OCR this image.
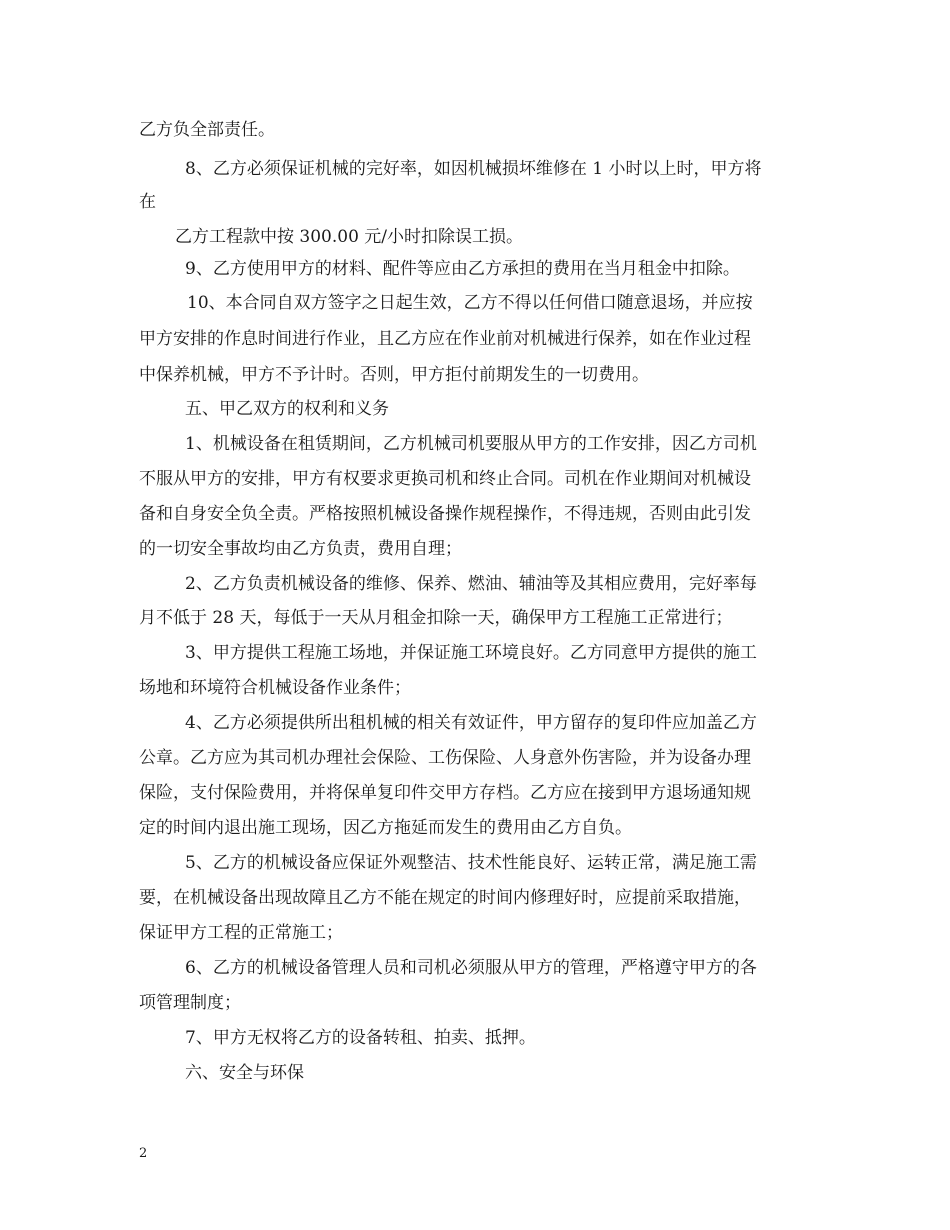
乙方负全部责任。
8、乙方必须保证机械的完好率，如因机械损坏维修在 1 小时以上时，甲方将
在
乙方工程款中按 300.00 元/小时扣除误工损。
9、乙方使用甲方的材料、配件等应由乙方承担的费用在当月租金中扣除。
10、本合同自双方签字之日起生效，乙方不得以任何借口随意退场，并应按
甲方安排的作息时间进行作业，且乙方应在作业前对机械进行保养，如在作业过程
中保养机械，甲方不予计时。否则，甲方拒付前期发生的一切费用。
五、甲乙双方的权利和义务
1、机械设备在租赁期间，乙方机械司机要服从甲方的工作安排，因乙方司机
不服从甲方的安排，甲方有权要求更换司机和终止合同。司机在作业期间对机械设
备和自身安全负全责。严格按照机械设备操作规程操作，不得违规，否则由此引发
的一切安全事故均由乙方负责，费用自理；
2、乙方负责机械设备的维修、保养、燃油、辅油等及其相应费用，完好率每
月不低于 28 天，每低于一天从月租金扣除一天，确保甲方工程施工正常进行；
3、甲方提供工程施工场地，并保证施工环境良好。乙方同意甲方提供的施工
场地和环境符合机械设备作业条件；
4、乙方必须提供所出租机械的相关有效证件，甲方留存的复印件应加盖乙方
公章。乙方应为其司机办理社会保险、工伤保险、人身意外伤害险，并为设备办理
保险，支付保险费用，并将保单复印件交甲方存档。乙方应在接到甲方退场通知规
定的时间内退出施工现场，因乙方拖延而发生的费用由乙方自负。
5、乙方的机械设备应保证外观整洁、技术性能良好、运转正常，满足施工需
要，在机械设备出现故障且乙方不能在规定的时间内修理好时，应提前采取措施，
保证甲方工程的正常施工；
6、乙方的机械设备管理人员和司机必须服从甲方的管理，严格遵守甲方的各
项管理制度；
7、甲方无权将乙方的设备转租、拍卖、抵押。
六、安全与环保
2
